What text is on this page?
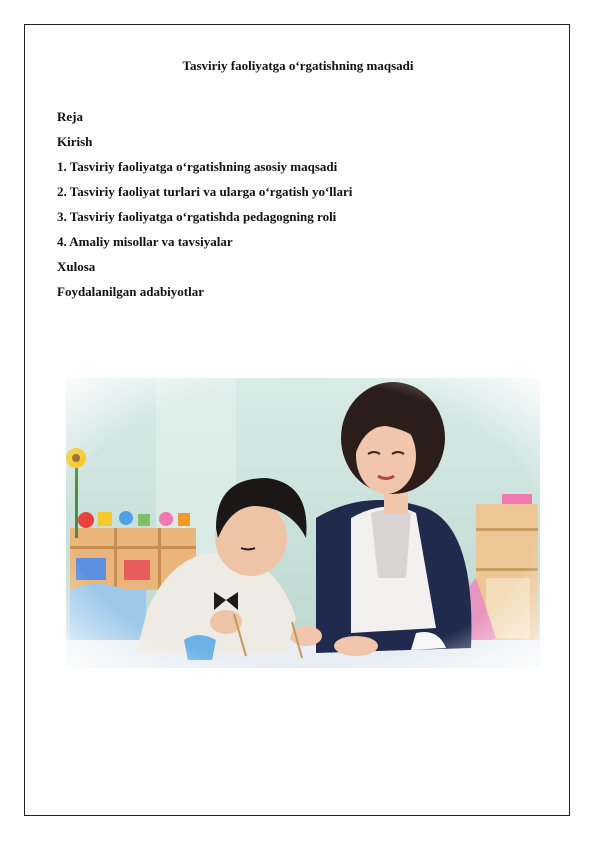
Tasviriy faoliyatga o‘rgatishning maqsadi
Reja
Kirish
1. Tasviriy faoliyatga o‘rgatishning asosiy maqsadi
2. Tasviriy faoliyat turlari va ularga o‘rgatish yo‘llari
3. Tasviriy faoliyatga o‘rgatishda pedagogning roli
4. Amaliy misollar va tavsiyalar
Xulosa
Foydalanilgan adabiyotlar
